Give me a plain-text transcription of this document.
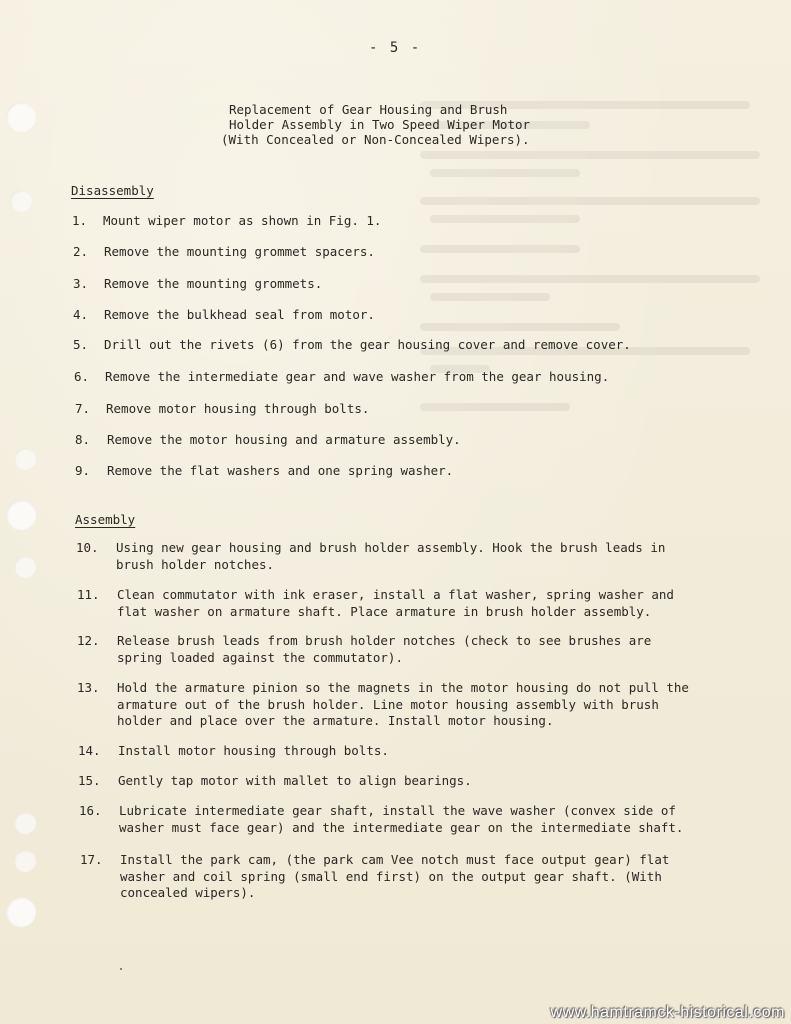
- 5 -
Replacement of Gear Housing and Brush
Holder Assembly in Two Speed Wiper Motor
(With Concealed or Non-Concealed Wipers).
Disassembly
1. Mount wiper motor as shown in Fig. 1.
2. Remove the mounting grommet spacers.
3. Remove the mounting grommets.
4. Remove the bulkhead seal from motor.
5. Drill out the rivets (6) from the gear housing cover and remove cover.
6. Remove the intermediate gear and wave washer from the gear housing.
7. Remove motor housing through bolts.
8. Remove the motor housing and armature assembly.
9. Remove the flat washers and one spring washer.
Assembly
10. Using new gear housing and brush holder assembly. Hook the brush leads in
brush holder notches.
11. Clean commutator with ink eraser, install a flat washer, spring washer and
flat washer on armature shaft. Place armature in brush holder assembly.
12. Release brush leads from brush holder notches (check to see brushes are
spring loaded against the commutator).
13. Hold the armature pinion so the magnets in the motor housing do not pull the
armature out of the brush holder. Line motor housing assembly with brush
holder and place over the armature. Install motor housing.
14. Install motor housing through bolts.
15. Gently tap motor with mallet to align bearings.
16. Lubricate intermediate gear shaft, install the wave washer (convex side of
washer must face gear) and the intermediate gear on the intermediate shaft.
17. Install the park cam, (the park cam Vee notch must face output gear) flat
washer and coil spring (small end first) on the output gear shaft. (With
concealed wipers).
www.hamtramck-historical.com
